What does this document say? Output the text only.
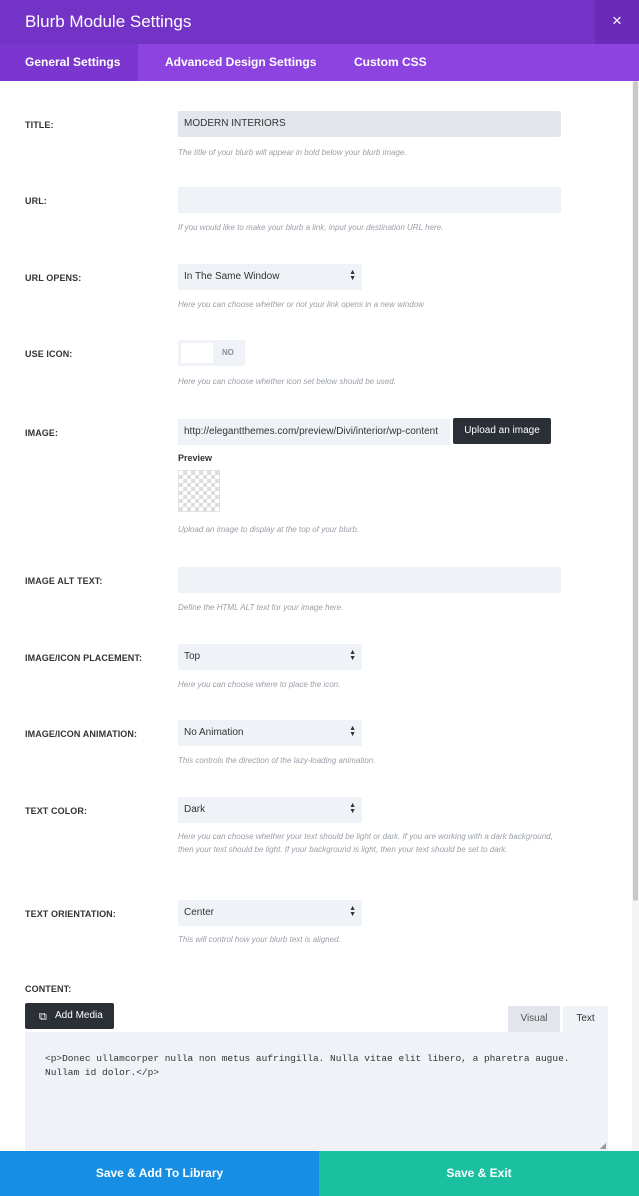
Blurb Module Settings	×
General Settings	Advanced Design Settings	Custom CSS
TITLE:	MODERN INTERIORS
The title of your blurb will appear in bold below your blurb image.
URL:
If you would like to make your blurb a link, input your destination URL here.
URL OPENS:	In The Same Window	▲
▼
Here you can choose whether or not your link opens in a new window
USE ICON:	NO
Here you can choose whether icon set below should be used.
IMAGE:	http://elegantthemes.com/preview/Divi/interior/wp-content	Upload an image
Preview
Upload an image to display at the top of your blurb.
IMAGE ALT TEXT:
Define the HTML ALT text for your image here.
IMAGE/ICON PLACEMENT:	Top	▲
▼
Here you can choose where to place the icon.
IMAGE/ICON ANIMATION:	No Animation	▲
▼
This controls the direction of the lazy-loading animation.
TEXT COLOR:	Dark	▲
▼
Here you can choose whether your text should be light or dark. If you are working with a dark background, then your text should be light. If your background is light, then your text should be set to dark.
TEXT ORIENTATION:	Center	▲
▼
This will control how your blurb text is aligned.
CONTENT:
⧉ Add Media	Visual	Text
<p>Donec ullamcorper nulla non metus aufringilla. Nulla vitae elit libero, a pharetra augue. Nullam id dolor.</p>
◢
Save & Add To Library	Save & Exit
